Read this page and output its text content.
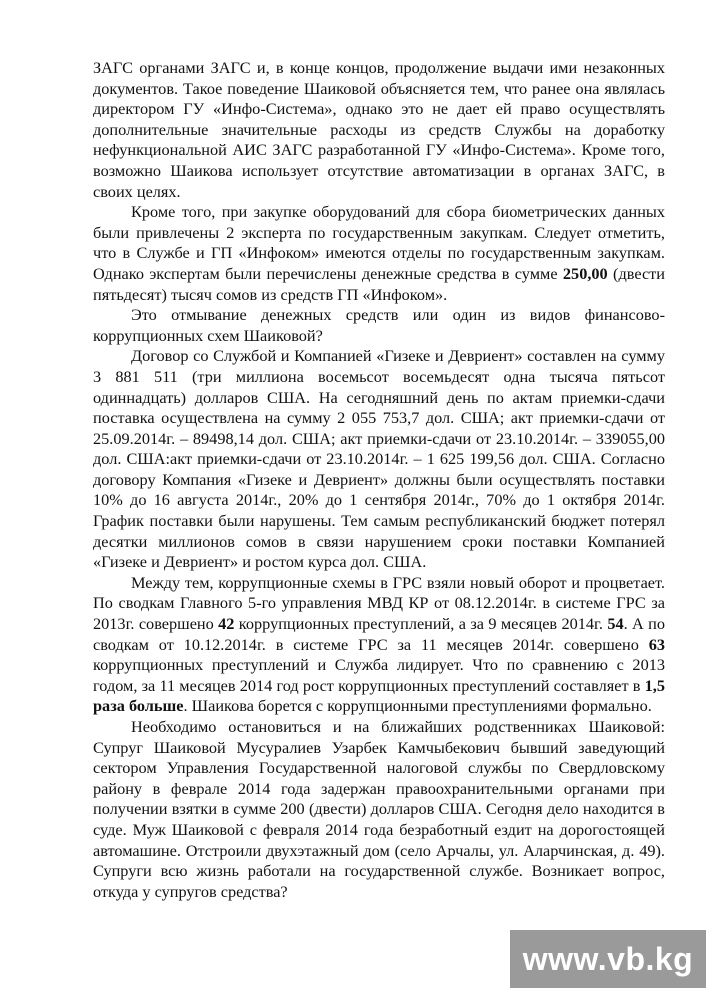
ЗАГС органами ЗАГС и, в конце концов, продолжение выдачи ими незаконных документов. Такое поведение Шаиковой объясняется тем, что ранее она являлась директором ГУ «Инфо-Система», однако это не дает ей право осуществлять дополнительные значительные расходы из средств Службы на доработку нефункциональной АИС ЗАГС разработанной ГУ «Инфо-Система». Кроме того, возможно Шаикова использует отсутствие автоматизации в органах ЗАГС, в своих целях.

Кроме того, при закупке оборудований для сбора биометрических данных были привлечены 2 эксперта по государственным закупкам. Следует отметить, что в Службе и ГП «Инфоком» имеются отделы по государственным закупкам. Однако экспертам были перечислены денежные средства в сумме 250,00 (двести пятьдесят) тысяч сомов из средств ГП «Инфоком».

Это отмывание денежных средств или один из видов финансово-коррупционных схем Шаиковой?

Договор со Службой и Компанией «Гизеке и Девриент» составлен на сумму 3 881 511 (три миллиона восемьсот восемьдесят одна тысяча пятьсот одиннадцать) долларов США. На сегодняшний день по актам приемки-сдачи поставка осуществлена на сумму 2 055 753,7 дол. США; акт приемки-сдачи от 25.09.2014г. – 89498,14 дол. США; акт приемки-сдачи от 23.10.2014г. – 339055,00 дол. США:акт приемки-сдачи от 23.10.2014г. – 1 625 199,56 дол. США. Согласно договору Компания «Гизеке и Девриент» должны были осуществлять поставки 10% до 16 августа 2014г., 20% до 1 сентября 2014г., 70% до 1 октября 2014г. График поставки были нарушены. Тем самым республиканский бюджет потерял десятки миллионов сомов в связи нарушением сроки поставки Компанией «Гизеке и Девриент» и ростом курса дол. США.

Между тем, коррупционные схемы в ГРС взяли новый оборот и процветает. По сводкам Главного 5-го управления МВД КР от 08.12.2014г. в системе ГРС за 2013г. совершено 42 коррупционных преступлений, а за 9 месяцев 2014г. 54. А по сводкам от 10.12.2014г. в системе ГРС за 11 месяцев 2014г. совершено 63 коррупционных преступлений и Служба лидирует. Что по сравнению с 2013 годом, за 11 месяцев 2014 год рост коррупционных преступлений составляет в 1,5 раза больше. Шаикова борется с коррупционными преступлениями формально.

Необходимо остановиться и на ближайших родственниках Шаиковой: Супруг Шаиковой Мусуралиев Узарбек Камчыбекович бывший заведующий сектором Управления Государственной налоговой службы по Свердловскому району в феврале 2014 года задержан правоохранительными органами при получении взятки в сумме 200 (двести) долларов США. Сегодня дело находится в суде. Муж Шаиковой с февраля 2014 года безработный ездит на дорогостоящей автомашине. Отстроили двухэтажный дом (село Арчалы, ул. Аларчинская, д. 49). Супруги всю жизнь работали на государственной службе. Возникает вопрос, откуда у супругов средства?

www.vb.kg
